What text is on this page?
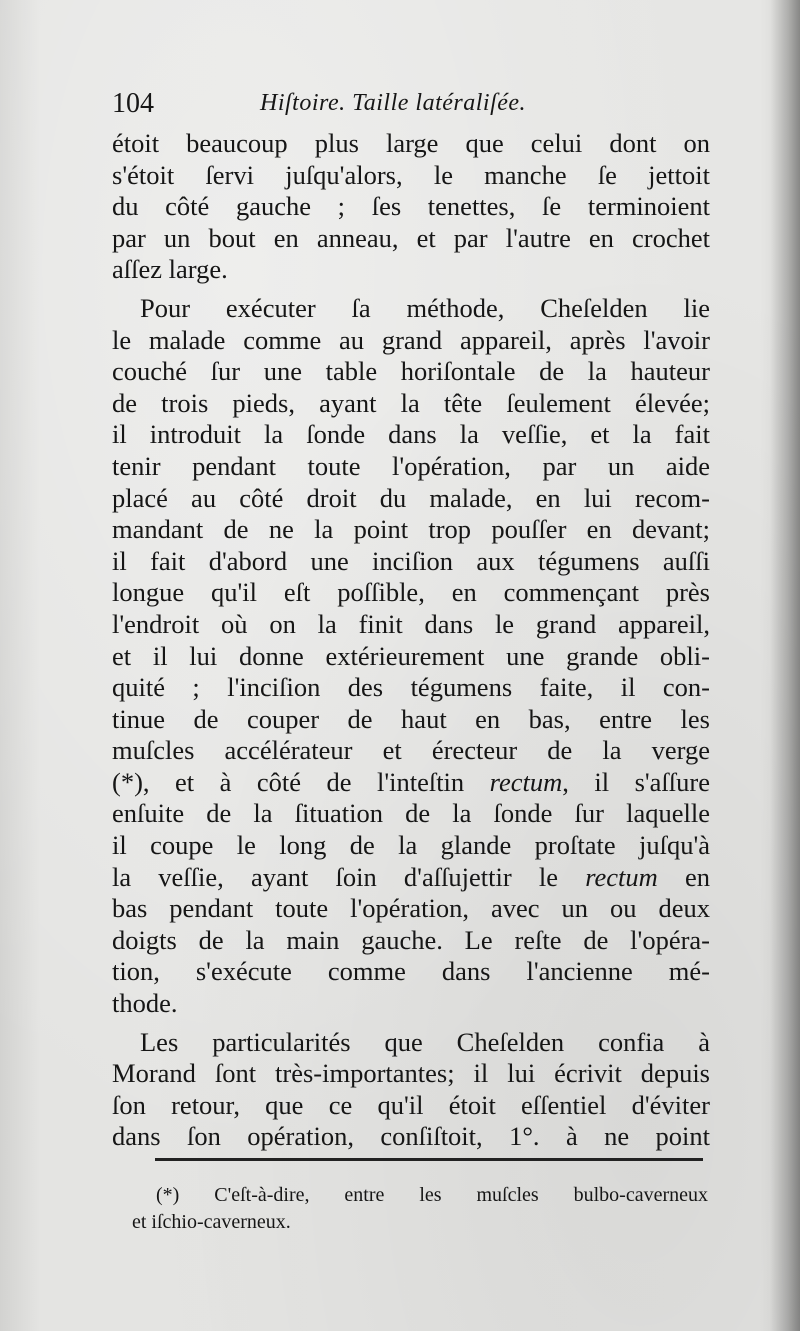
104	Hiſtoire. Taille latéraliſée.

étoit beaucoup plus large que celui dont on
s'étoit ſervi juſqu'alors, le manche ſe jettoit
du côté gauche ; ſes tenettes, ſe terminoient
par un bout en anneau, et par l'autre en crochet
aſſez large.

Pour exécuter ſa méthode, Cheſelden lie
le malade comme au grand appareil, après l'avoir
couché ſur une table horiſontale de la hauteur
de trois pieds, ayant la tête ſeulement élevée;
il introduit la ſonde dans la veſſie, et la fait
tenir pendant toute l'opération, par un aide
placé au côté droit du malade, en lui recom-
mandant de ne la point trop pouſſer en devant;
il fait d'abord une inciſion aux tégumens auſſi
longue qu'il eſt poſſible, en commençant près
l'endroit où on la finit dans le grand appareil,
et il lui donne extérieurement une grande obli-
quité ; l'inciſion des tégumens faite, il con-
tinue de couper de haut en bas, entre les
muſcles accélérateur et érecteur de la verge
(*), et à côté de l'inteſtin rectum, il s'aſſure
enſuite de la ſituation de la ſonde ſur laquelle
il coupe le long de la glande proſtate juſqu'à
la veſſie, ayant ſoin d'aſſujettir le rectum en
bas pendant toute l'opération, avec un ou deux
doigts de la main gauche. Le reſte de l'opéra-
tion, s'exécute comme dans l'ancienne mé-
thode.

Les particularités que Cheſelden confia à
Morand ſont très-importantes; il lui écrivit depuis
ſon retour, que ce qu'il étoit eſſentiel d'éviter
dans ſon opération, conſiſtoit, 1°. à ne point

(*) C'eſt-à-dire, entre les muſcles bulbo-caverneux
et iſchio-caverneux.
